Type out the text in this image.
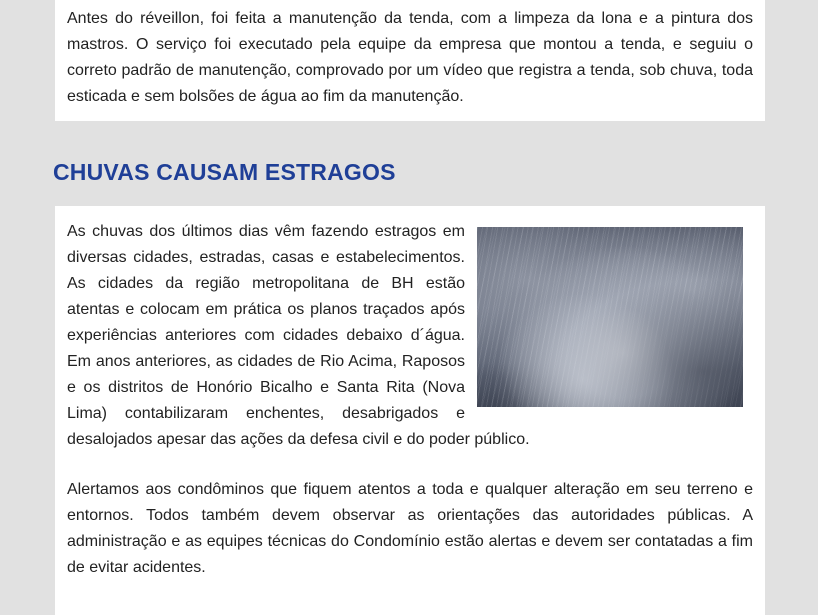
Antes do réveillon, foi feita a manutenção da tenda, com a limpeza da lona e a pintura dos mastros. O serviço foi executado pela equipe da empresa que montou a tenda, e seguiu o correto padrão de manutenção, comprovado por um vídeo que registra a tenda, sob chuva, toda esticada e sem bolsões de água ao fim da manutenção.

CHUVAS CAUSAM ESTRAGOS

As chuvas dos últimos dias vêm fazendo estragos em diversas cidades, estradas, casas e estabelecimentos. As cidades da região metropolitana de BH estão atentas e colocam em prática os planos traçados após experiências anteriores com cidades debaixo d´água. Em anos anteriores, as cidades de Rio Acima, Raposos e os distritos de Honório Bicalho e Santa Rita (Nova Lima) contabilizaram enchentes, desabrigados e desalojados apesar das ações da defesa civil e do poder público.

Alertamos aos condôminos que fiquem atentos a toda e qualquer alteração em seu terreno e entornos. Todos também devem observar as orientações das autoridades públicas. A administração e as equipes técnicas do Condomínio estão alertas e devem ser contatadas a fim de evitar acidentes.
